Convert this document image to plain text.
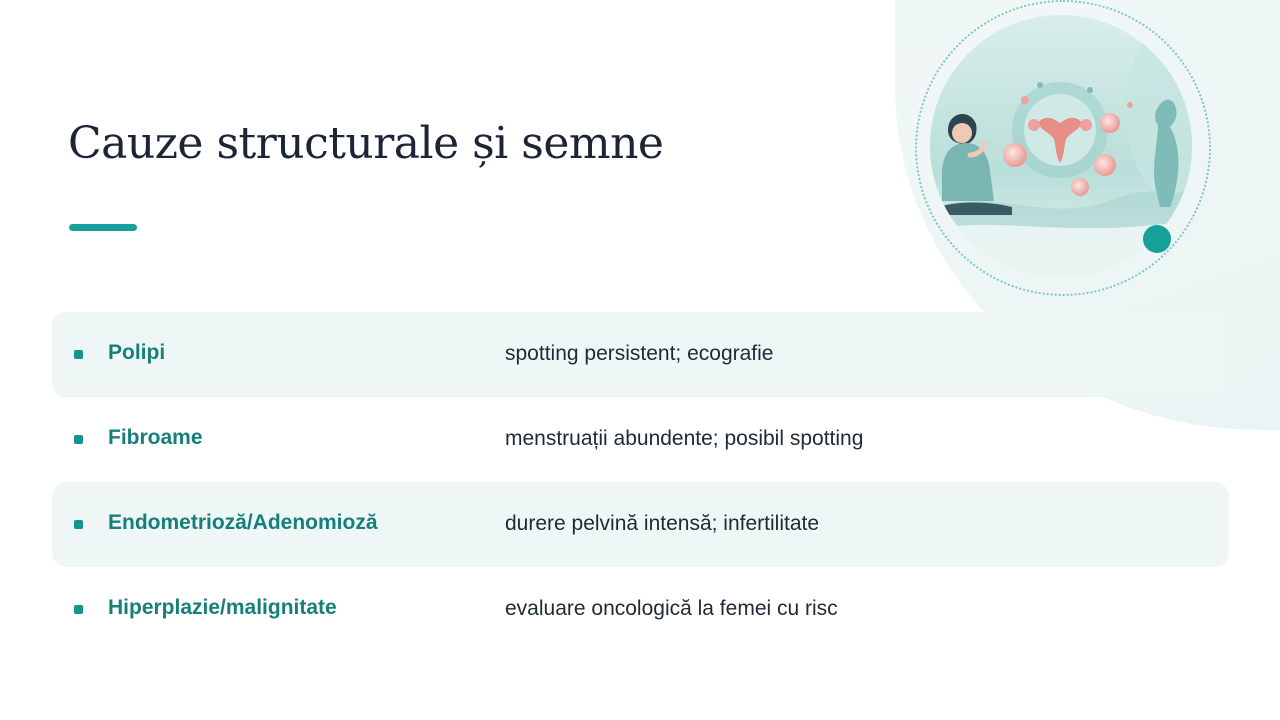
Cauze structurale și semne
Polipi	spotting persistent; ecografie
Fibroame	menstruații abundente; posibil spotting
Endometrioză/Adenomioză	durere pelvină intensă; infertilitate
Hiperplazie/malignitate	evaluare oncologică la femei cu risc
